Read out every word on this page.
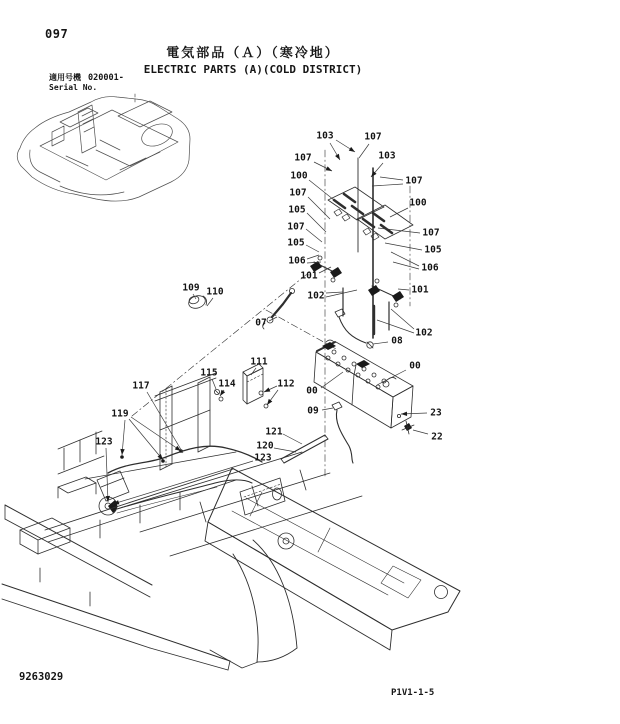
097
電気部品（Ａ）（寒冷地）
ELECTRIC PARTS (A)(COLD DISTRICT)
適用号機 020001-
Serial No.
103	107
107	103
107
100
107
105
107
105
106
101
100
107
105
106
101
102
102
109 110
07
08
00
00
09	23
22
111
115
114	112
117
119
123
121
120
123
9263029
P1V1-1-5
